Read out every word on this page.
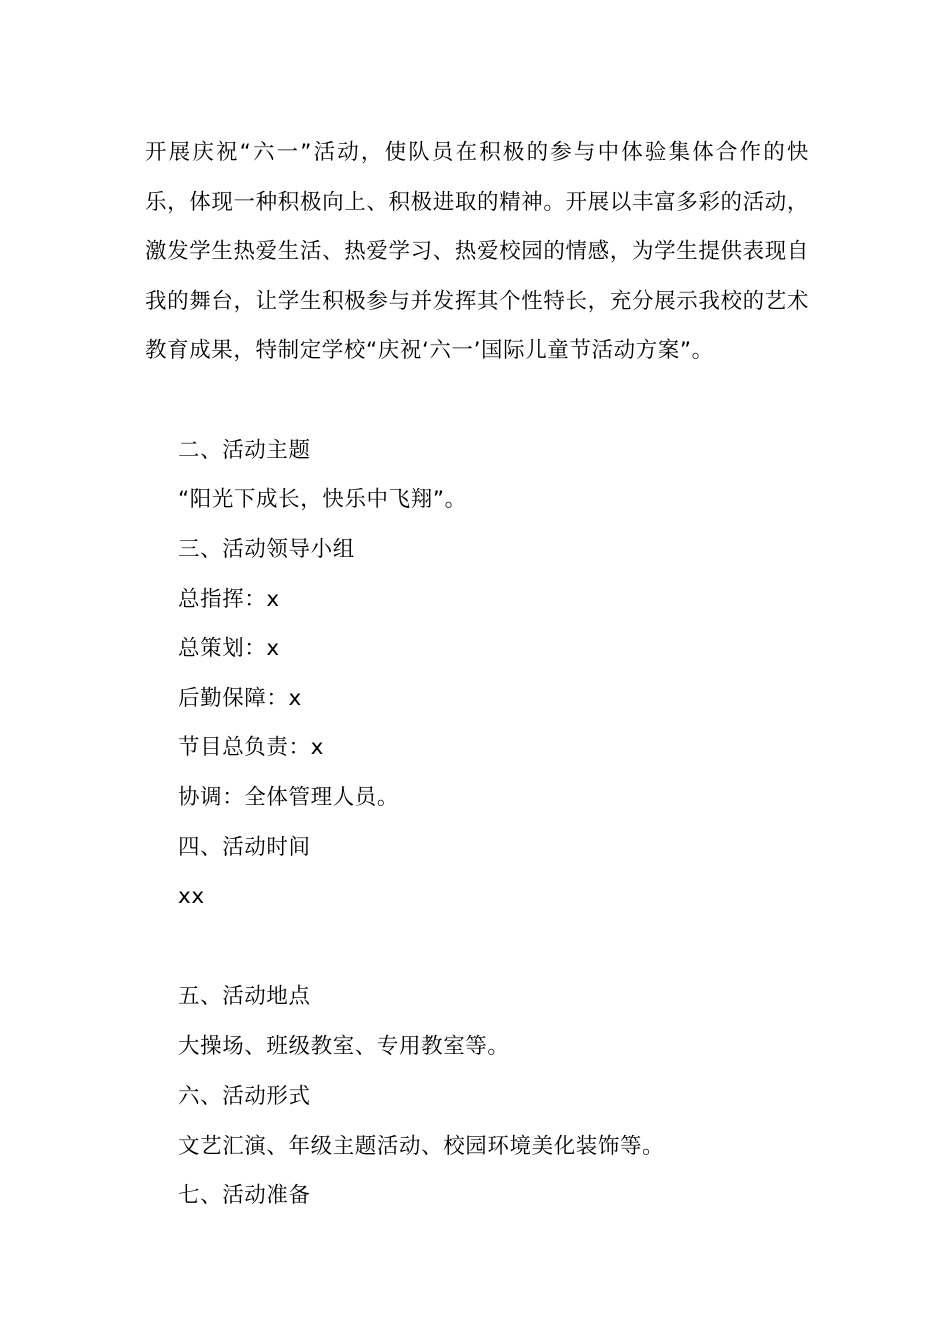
开展庆祝“六一”活动，使队员在积极的参与中体验集体合作的快乐，体现一种积极向上、积极进取的精神。开展以丰富多彩的活动，激发学生热爱生活、热爱学习、热爱校园的情感，为学生提供表现自我的舞台，让学生积极参与并发挥其个性特长，充分展示我校的艺术教育成果，特制定学校“庆祝‘六一’国际儿童节活动方案”。

二、活动主题

“阳光下成长，快乐中飞翔”。

三、活动领导小组

总指挥：x

总策划：x

后勤保障：x

节目总负责：x

协调：全体管理人员。

四、活动时间

xx

五、活动地点

大操场、班级教室、专用教室等。

六、活动形式

文艺汇演、年级主题活动、校园环境美化装饰等。

七、活动准备
